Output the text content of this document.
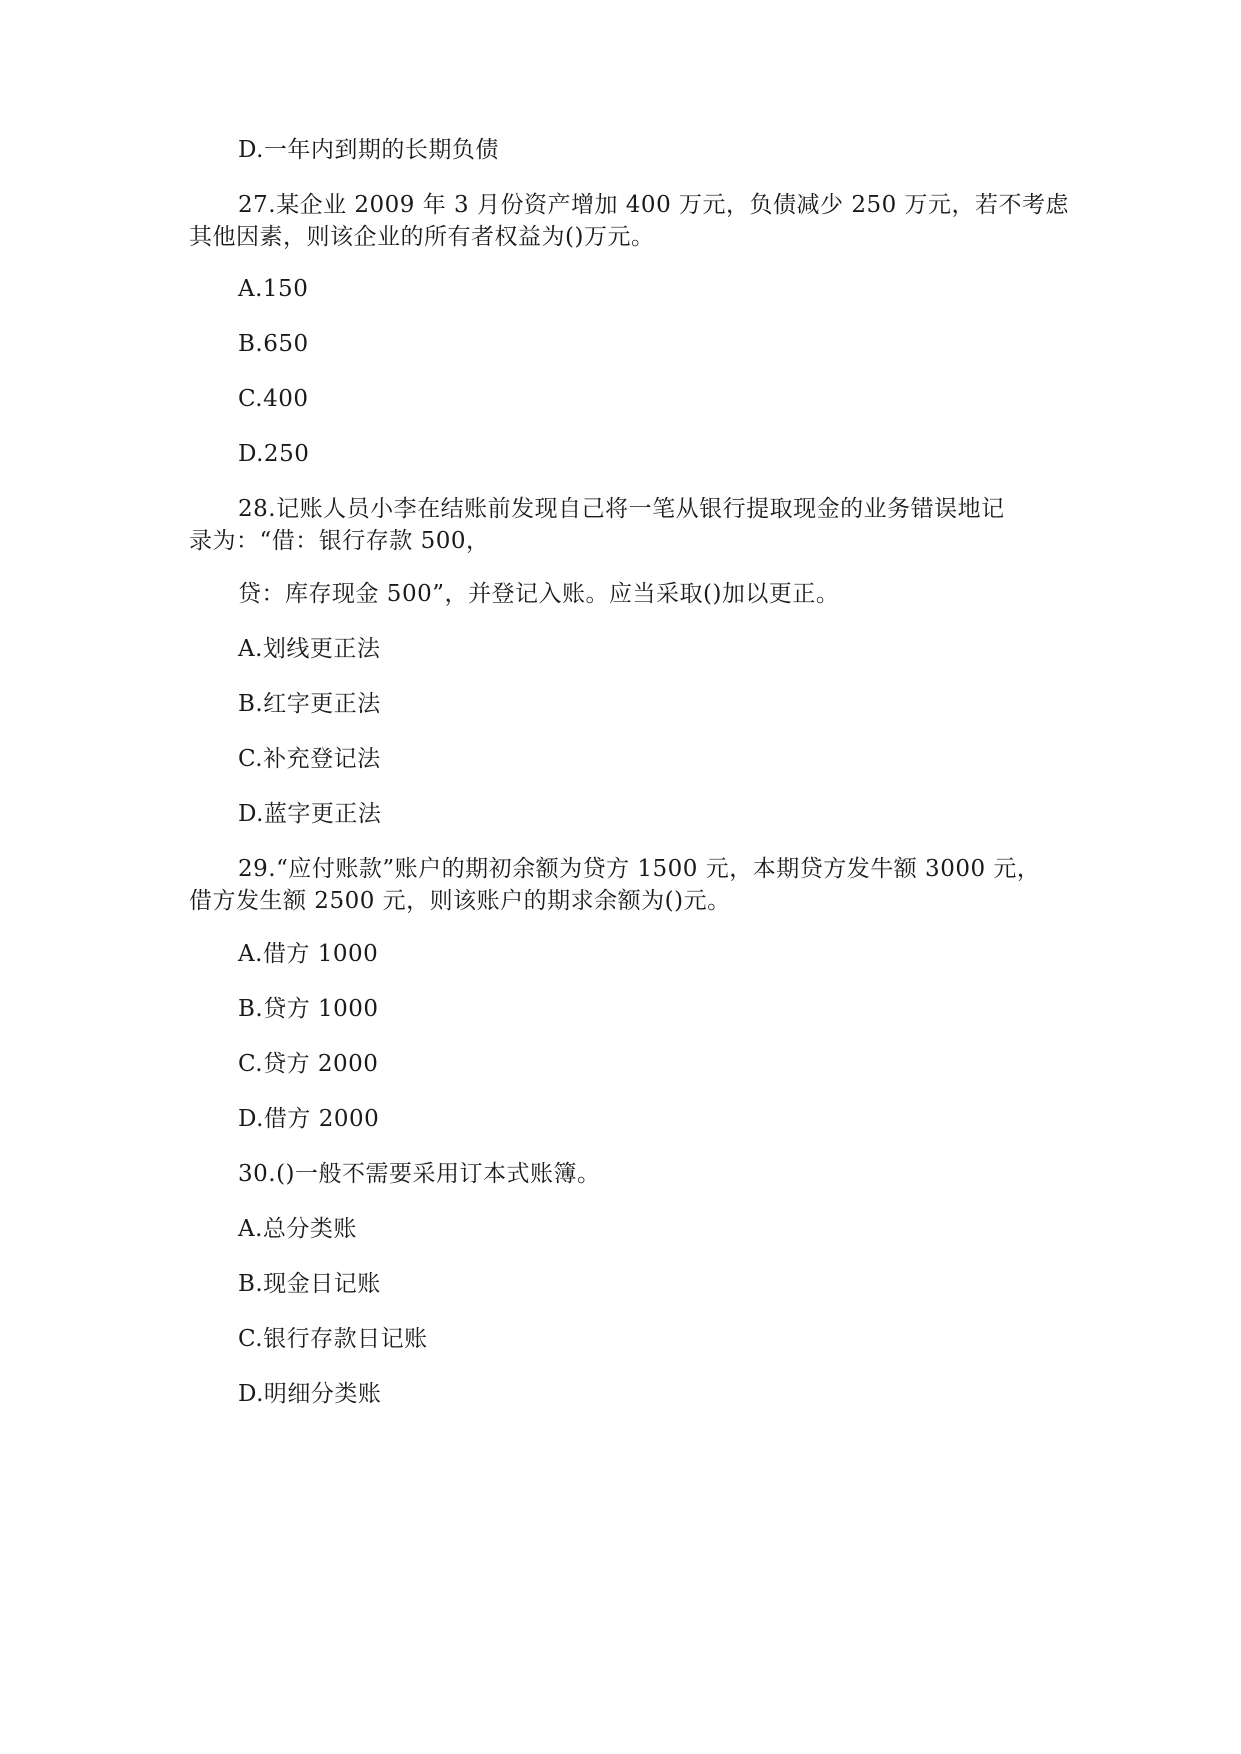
D.一年内到期的长期负债
27.某企业 2009 年 3 月份资产增加 400 万元，负债减少 250 万元，若不考虑
其他因素，则该企业的所有者权益为()万元。
A.150
B.650
C.400
D.250
28.记账人员小李在结账前发现自己将一笔从银行提取现金的业务错误地记
录为：“借：银行存款 500，
贷：库存现金 500”，并登记入账。应当采取()加以更正。
A.划线更正法
B.红字更正法
C.补充登记法
D.蓝字更正法
29.“应付账款”账户的期初余额为贷方 1500 元，本期贷方发牛额 3000 元，
借方发生额 2500 元，则该账户的期求余额为()元。
A.借方 1000
B.贷方 1000
C.贷方 2000
D.借方 2000
30.()一般不需要采用订本式账簿。
A.总分类账
B.现金日记账
C.银行存款日记账
D.明细分类账
